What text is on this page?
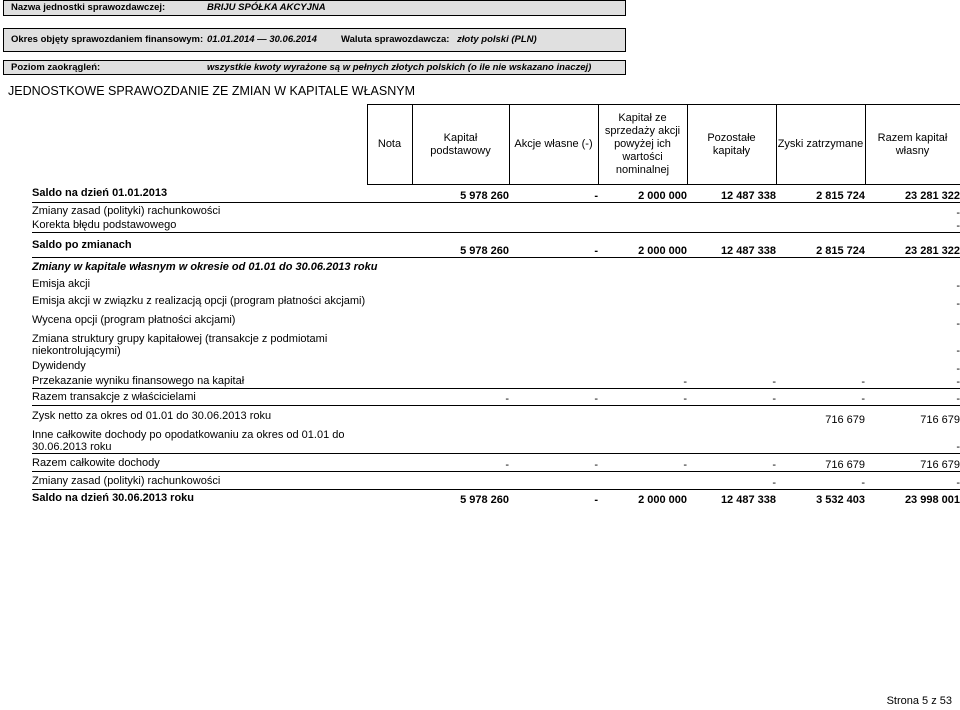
Nazwa jednostki sprawozdawczej:	BRIJU SPÓŁKA AKCYJNA
Okres objęty sprawozdaniem finansowym: 01.01.2014 — 30.06.2014	Waluta sprawozdawcza: złoty polski (PLN)
Poziom zaokrągleń:	wszystkie kwoty wyrażone są w pełnych złotych polskich (o ile nie wskazano inaczej)
JEDNOSTKOWE SPRAWOZDANIE ZE ZMIAN W KAPITALE WŁASNYM
	Nota	Kapitał podstawowy	Akcje własne (-)	Kapitał ze sprzedaży akcji powyżej ich wartości nominalnej	Pozostałe kapitały	Zyski zatrzymane	Razem kapitał własny
Saldo na dzień 01.01.2013		5 978 260	-	2 000 000	12 487 338	2 815 724	23 281 322
Zmiany zasad (polityki) rachunkowości							-
Korekta błędu podstawowego							-
Saldo po zmianach		5 978 260	-	2 000 000	12 487 338	2 815 724	23 281 322
Zmiany w kapitale własnym w okresie od 01.01 do 30.06.2013 roku							
Emisja akcji							-
Emisja akcji w związku z realizacją opcji (program płatności akcjami)							-
Wycena opcji (program płatności akcjami)							-
Zmiana struktury grupy kapitałowej (transakcje z podmiotami niekontrolującymi)							-
Dywidendy							-
Przekazanie wyniku finansowego na kapitał				-	-	-	-
Razem transakcje z właścicielami		-	-	-	-	-	-
Zysk netto za okres od 01.01 do 30.06.2013 roku						716 679	716 679
Inne całkowite dochody po opodatkowaniu za okres od 01.01 do 30.06.2013 roku							-
Razem całkowite dochody		-	-	-	-	716 679	716 679
Zmiany zasad (polityki) rachunkowości					-	-	-
Saldo na dzień 30.06.2013 roku		5 978 260	-	2 000 000	12 487 338	3 532 403	23 998 001
Strona 5 z 53
